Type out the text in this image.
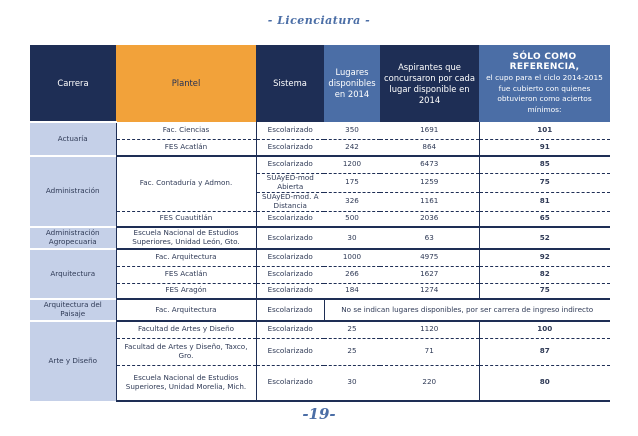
- Licenciatura -
Carrera	Plantel	Sistema	Lugares disponibles en 2014	Aspirantes que concursaron por cada lugar disponible en 2014	SÓLO COMO REFERENCIA,
el cupo para el ciclo 2014-2015 fue cubierto con quienes obtuvieron como aciertos mínimos:
Actuaría	Fac. Ciencias	Escolarizado	350	1691	101
	FES Acatlán	Escolarizado	242	864	91
Administración	Fac. Contaduría y Admon.	Escolarizado	1200	6473	85
		SUAyED-mod Abierta	175	1259	75
		SUAyED-mod. A Distancia	326	1161	81
	FES Cuautitlán	Escolarizado	500	2036	65
Administración Agropecuaria	Escuela Nacional de Estudios Superiores, Unidad León, Gto.	Escolarizado	30	63	52
Arquitectura	Fac. Arquitectura	Escolarizado	1000	4975	92
	FES Acatlán	Escolarizado	266	1627	82
	FES Aragón	Escolarizado	184	1274	75
Arquitectura del Paisaje	Fac. Arquitectura	Escolarizado	No se indican lugares disponibles, por ser carrera de ingreso indirecto		
Arte y Diseño	Facultad de Artes y Diseño	Escolarizado	25	1120	100
	Facultad de Artes y Diseño, Taxco, Gro.	Escolarizado	25	71	87
	Escuela Nacional de Estudios Superiores, Unidad Morelia, Mich.	Escolarizado	30	220	80
-19-
